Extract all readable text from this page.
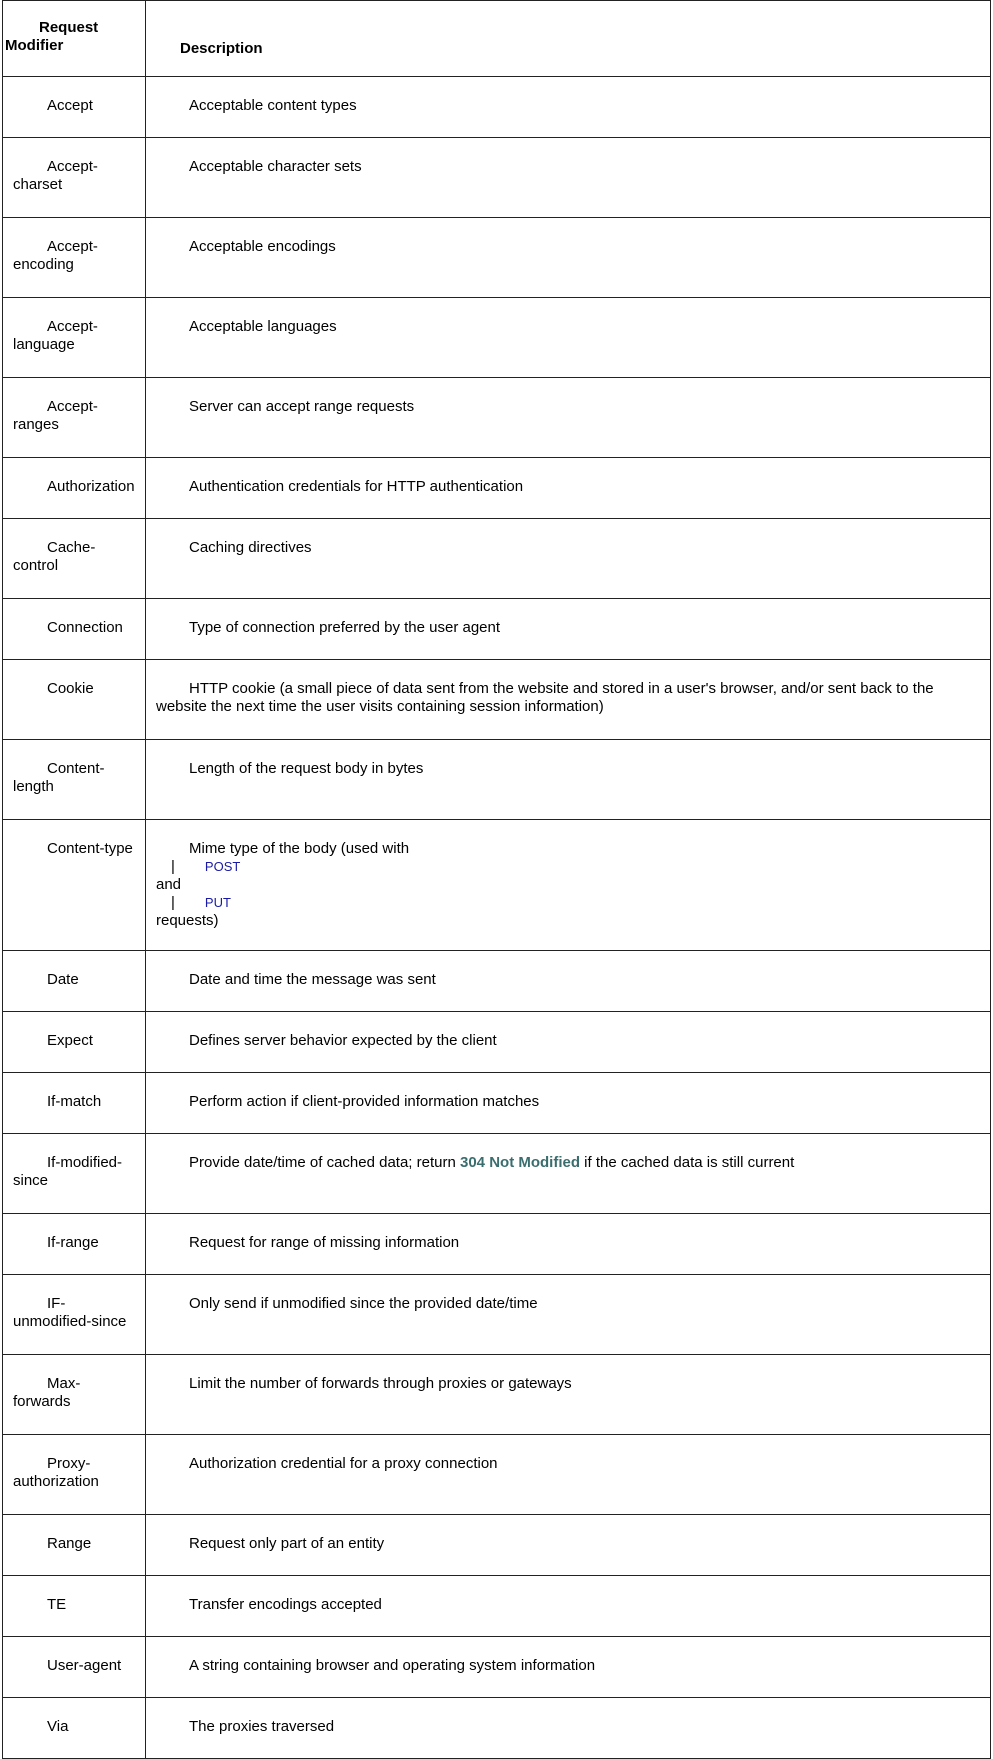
Request
Modifier	Description

Accept	Acceptable content types

Accept-
charset	Acceptable character sets

Accept-
encoding	Acceptable encodings

Accept-
language	Acceptable languages

Accept-
ranges	Server can accept range requests

Authorization	Authentication credentials for HTTP authentication

Cache-
control	Caching directives

Connection	Type of connection preferred by the user agent

Cookie	HTTP cookie (a small piece of data sent from the website and stored in a user's browser, and/or sent back to the
website the next time the user visits containing session information)

Content-
length	Length of the request body in bytes

Content-type	Mime type of the body (used with
| POST
and
| PUT
requests)

Date	Date and time the message was sent

Expect	Defines server behavior expected by the client

If-match	Perform action if client-provided information matches

If-modified-
since	Provide date/time of cached data; return 304 Not Modified if the cached data is still current

If-range	Request for range of missing information

IF-
unmodified-since	Only send if unmodified since the provided date/time

Max-
forwards	Limit the number of forwards through proxies or gateways

Proxy-
authorization	Authorization credential for a proxy connection

Range	Request only part of an entity

TE	Transfer encodings accepted

User-agent	A string containing browser and operating system information

Via	The proxies traversed
